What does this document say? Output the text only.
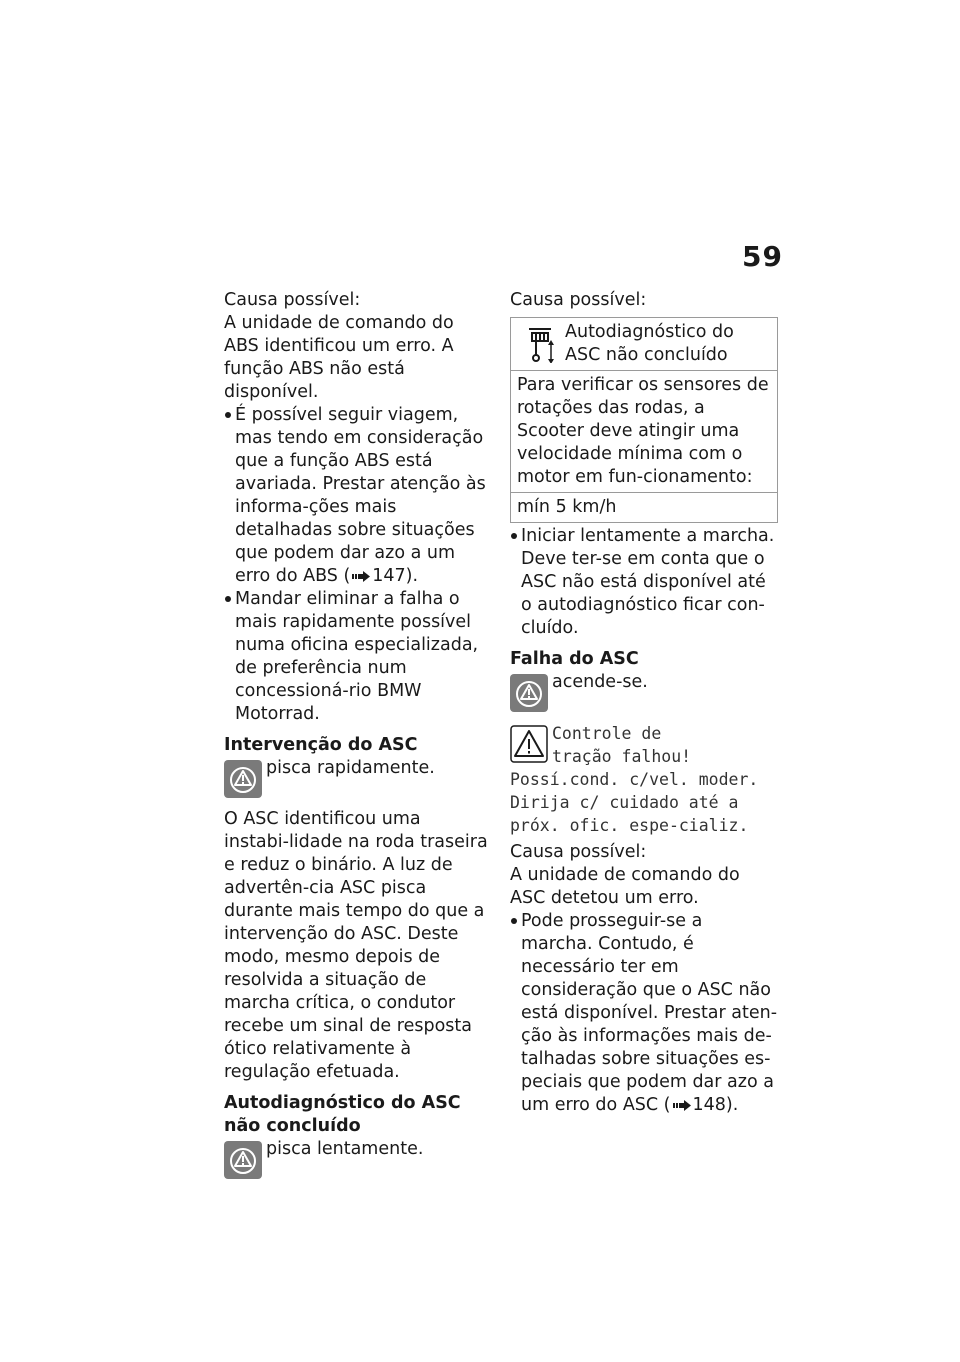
59

Causa possível:

A unidade de comando do ABS identificou um erro. A função ABS não está disponível.

É possível seguir viagem, mas tendo em consideração que a função ABS está avariada. Prestar atenção às informa-ções mais detalhadas sobre situações que podem dar azo a um erro do ABS ( 147).

Mandar eliminar a falha o mais rapidamente possível numa oficina especializada, de preferência num concessioná-rio BMW Motorrad.

Intervenção do ASC

pisca rapidamente.

O ASC identificou uma instabi-lidade na roda traseira e reduz o binário. A luz de advertên-cia ASC pisca durante mais tempo do que a intervenção do ASC. Deste modo, mesmo depois de resolvida a situação de marcha crítica, o condutor recebe um sinal de resposta ótico relativamente à regulação efetuada.

Autodiagnóstico do ASC não concluído

pisca lentamente.

Causa possível:

Autodiagnóstico do ASC não concluído

Para verificar os sensores de rotações das rodas, a Scooter deve atingir uma velocidade mínima com o motor em fun-cionamento:
mín 5 km/h

Iniciar lentamente a marcha. Deve ter-se em conta que o ASC não está disponível até o autodiagnóstico ficar con-cluído.

Falha do ASC

acende-se.
Controle de
tração falhou!

Possí.cond. c/vel. moder. Dirija c/ cuidado até a próx. ofic. espe-cializ.

Causa possível:

A unidade de comando do ASC detetou um erro.

Pode prosseguir-se a marcha. Contudo, é necessário ter em consideração que o ASC não está disponível. Prestar aten-ção às informações mais de-talhadas sobre situações es-peciais que podem dar azo a um erro do ASC ( 148).
